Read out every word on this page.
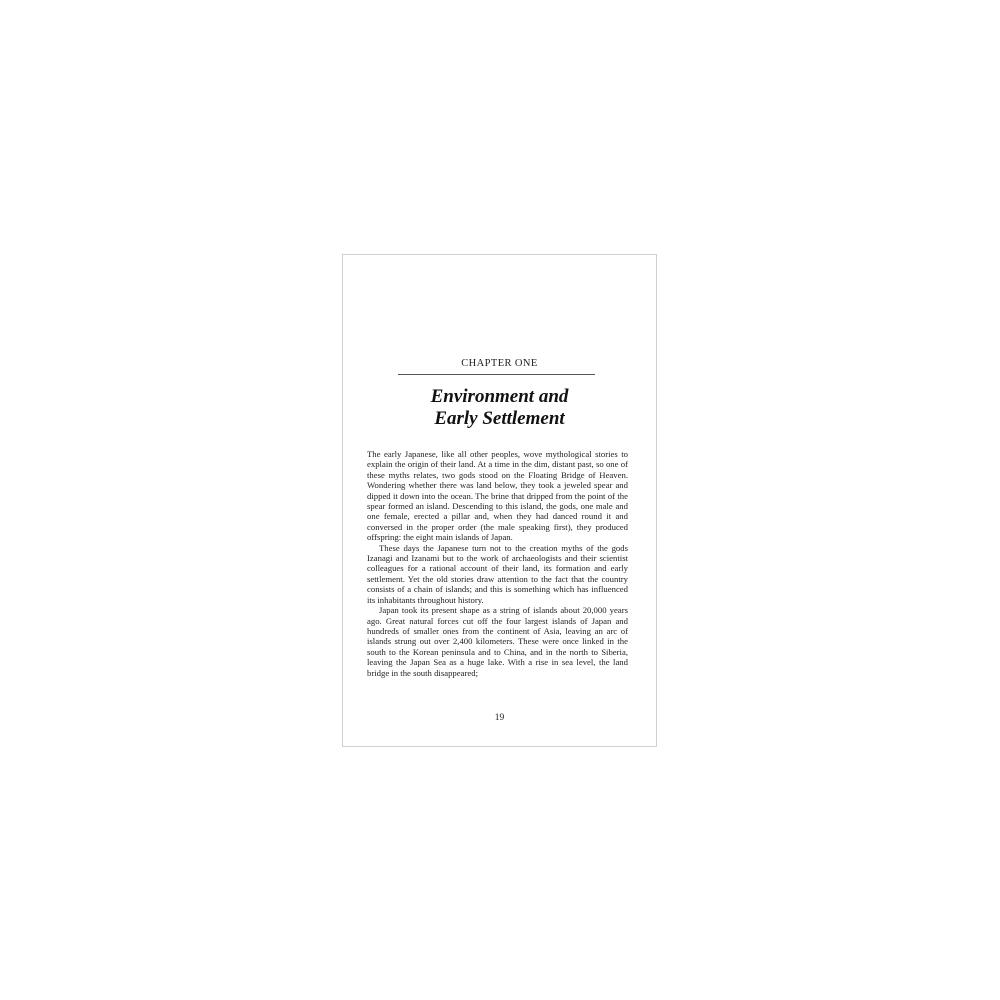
CHAPTER ONE
Environment and
Early Settlement

The early Japanese, like all other peoples, wove mythological stories to explain the origin of their land. At a time in the dim, distant past, so one of these myths relates, two gods stood on the Floating Bridge of Heaven. Wondering whether there was land below, they took a jeweled spear and dipped it down into the ocean. The brine that dripped from the point of the spear formed an island. Descending to this island, the gods, one male and one female, erected a pillar and, when they had danced round it and conversed in the proper order (the male speaking first), they produced offspring: the eight main islands of Japan.

These days the Japanese turn not to the creation myths of the gods Izanagi and Izanami but to the work of archaeologists and their scientist colleagues for a rational account of their land, its formation and early settlement. Yet the old stories draw attention to the fact that the country consists of a chain of islands; and this is something which has influenced its inhabitants throughout history.

Japan took its present shape as a string of islands about 20,000 years ago. Great natural forces cut off the four largest islands of Japan and hundreds of smaller ones from the continent of Asia, leaving an arc of islands strung out over 2,400 kilometers. These were once linked in the south to the Korean peninsula and to China, and in the north to Siberia, leaving the Japan Sea as a huge lake. With a rise in sea level, the land bridge in the south disappeared;

19
